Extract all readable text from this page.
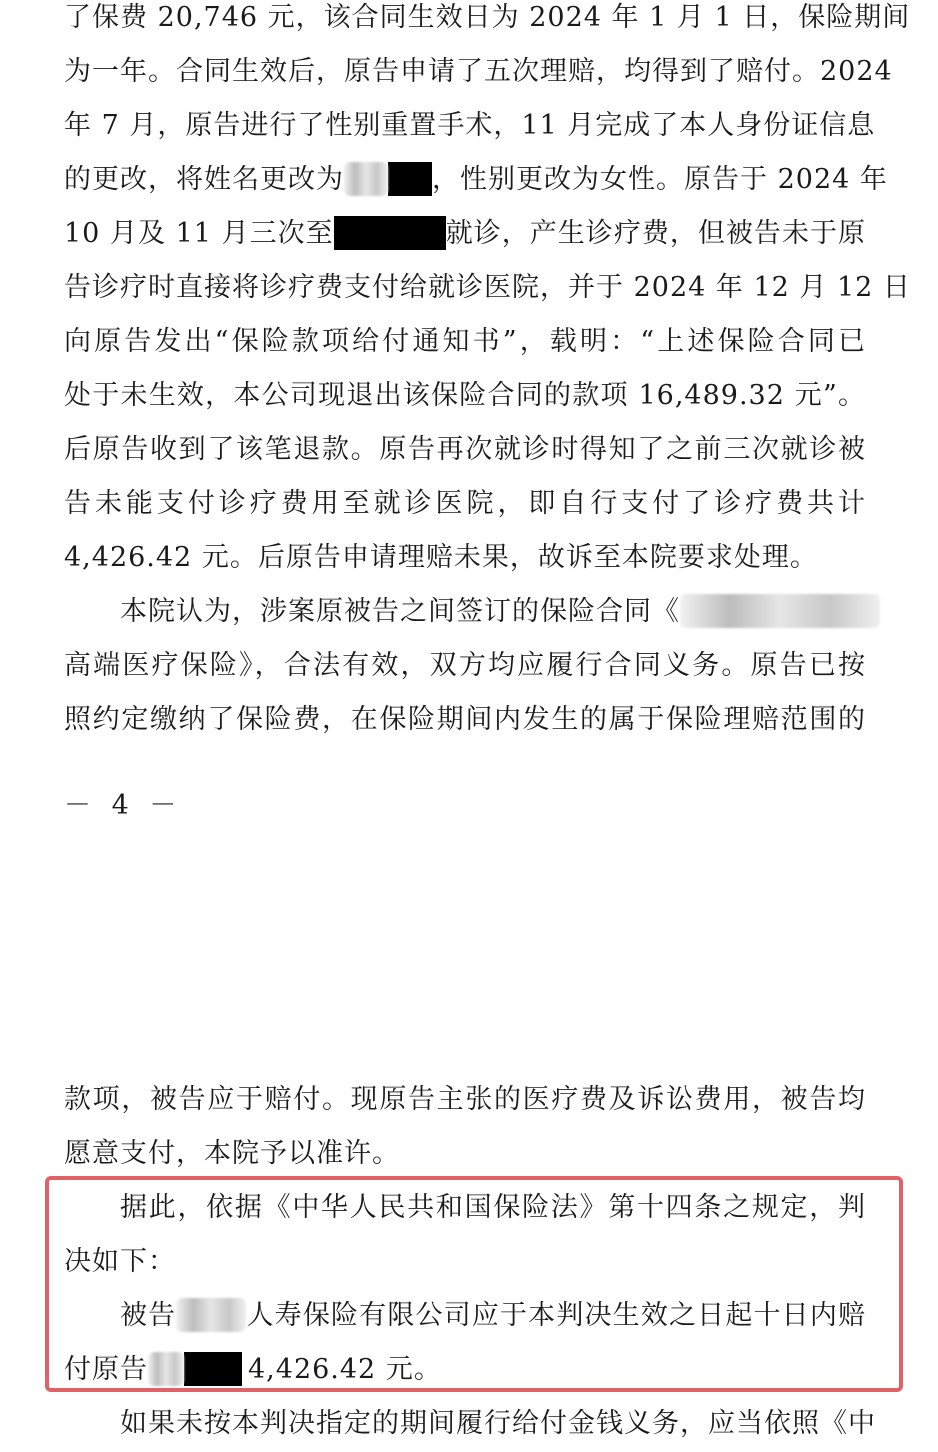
了保费 20,746 元，该合同生效日为 2024 年 1 月 1 日，保险期间
为一年。合同生效后，原告申请了五次理赔，均得到了赔付。2024
年 7 月，原告进行了性别重置手术，11 月完成了本人身份证信息
的更改，将姓名更改为	，性别更改为女性。原告于 2024 年
10 月及 11 月三次至	就诊，产生诊疗费，但被告未于原
告诊疗时直接将诊疗费支付给就诊医院，并于 2024 年 12 月 12 日
向原告发出“保险款项给付通知书”，载明：“上述保险合同已
处于未生效，本公司现退出该保险合同的款项 16,489.32 元”。
后原告收到了该笔退款。原告再次就诊时得知了之前三次就诊被
告未能支付诊疗费用至就诊医院，即自行支付了诊疗费共计
4,426.42 元。后原告申请理赔未果，故诉至本院要求处理。
本院认为，涉案原被告之间签订的保险合同《
高端医疗保险》，合法有效，双方均应履行合同义务。原告已按
照约定缴纳了保险费，在保险期间内发生的属于保险理赔范围的
－ 4 －
款项，被告应于赔付。现原告主张的医疗费及诉讼费用，被告均
愿意支付，本院予以准许。
据此，依据《中华人民共和国保险法》第十四条之规定，判
决如下：
被告	人寿保险有限公司应于本判决生效之日起十日内赔
付原告	4,426.42 元。
如果未按本判决指定的期间履行给付金钱义务，应当依照《中
